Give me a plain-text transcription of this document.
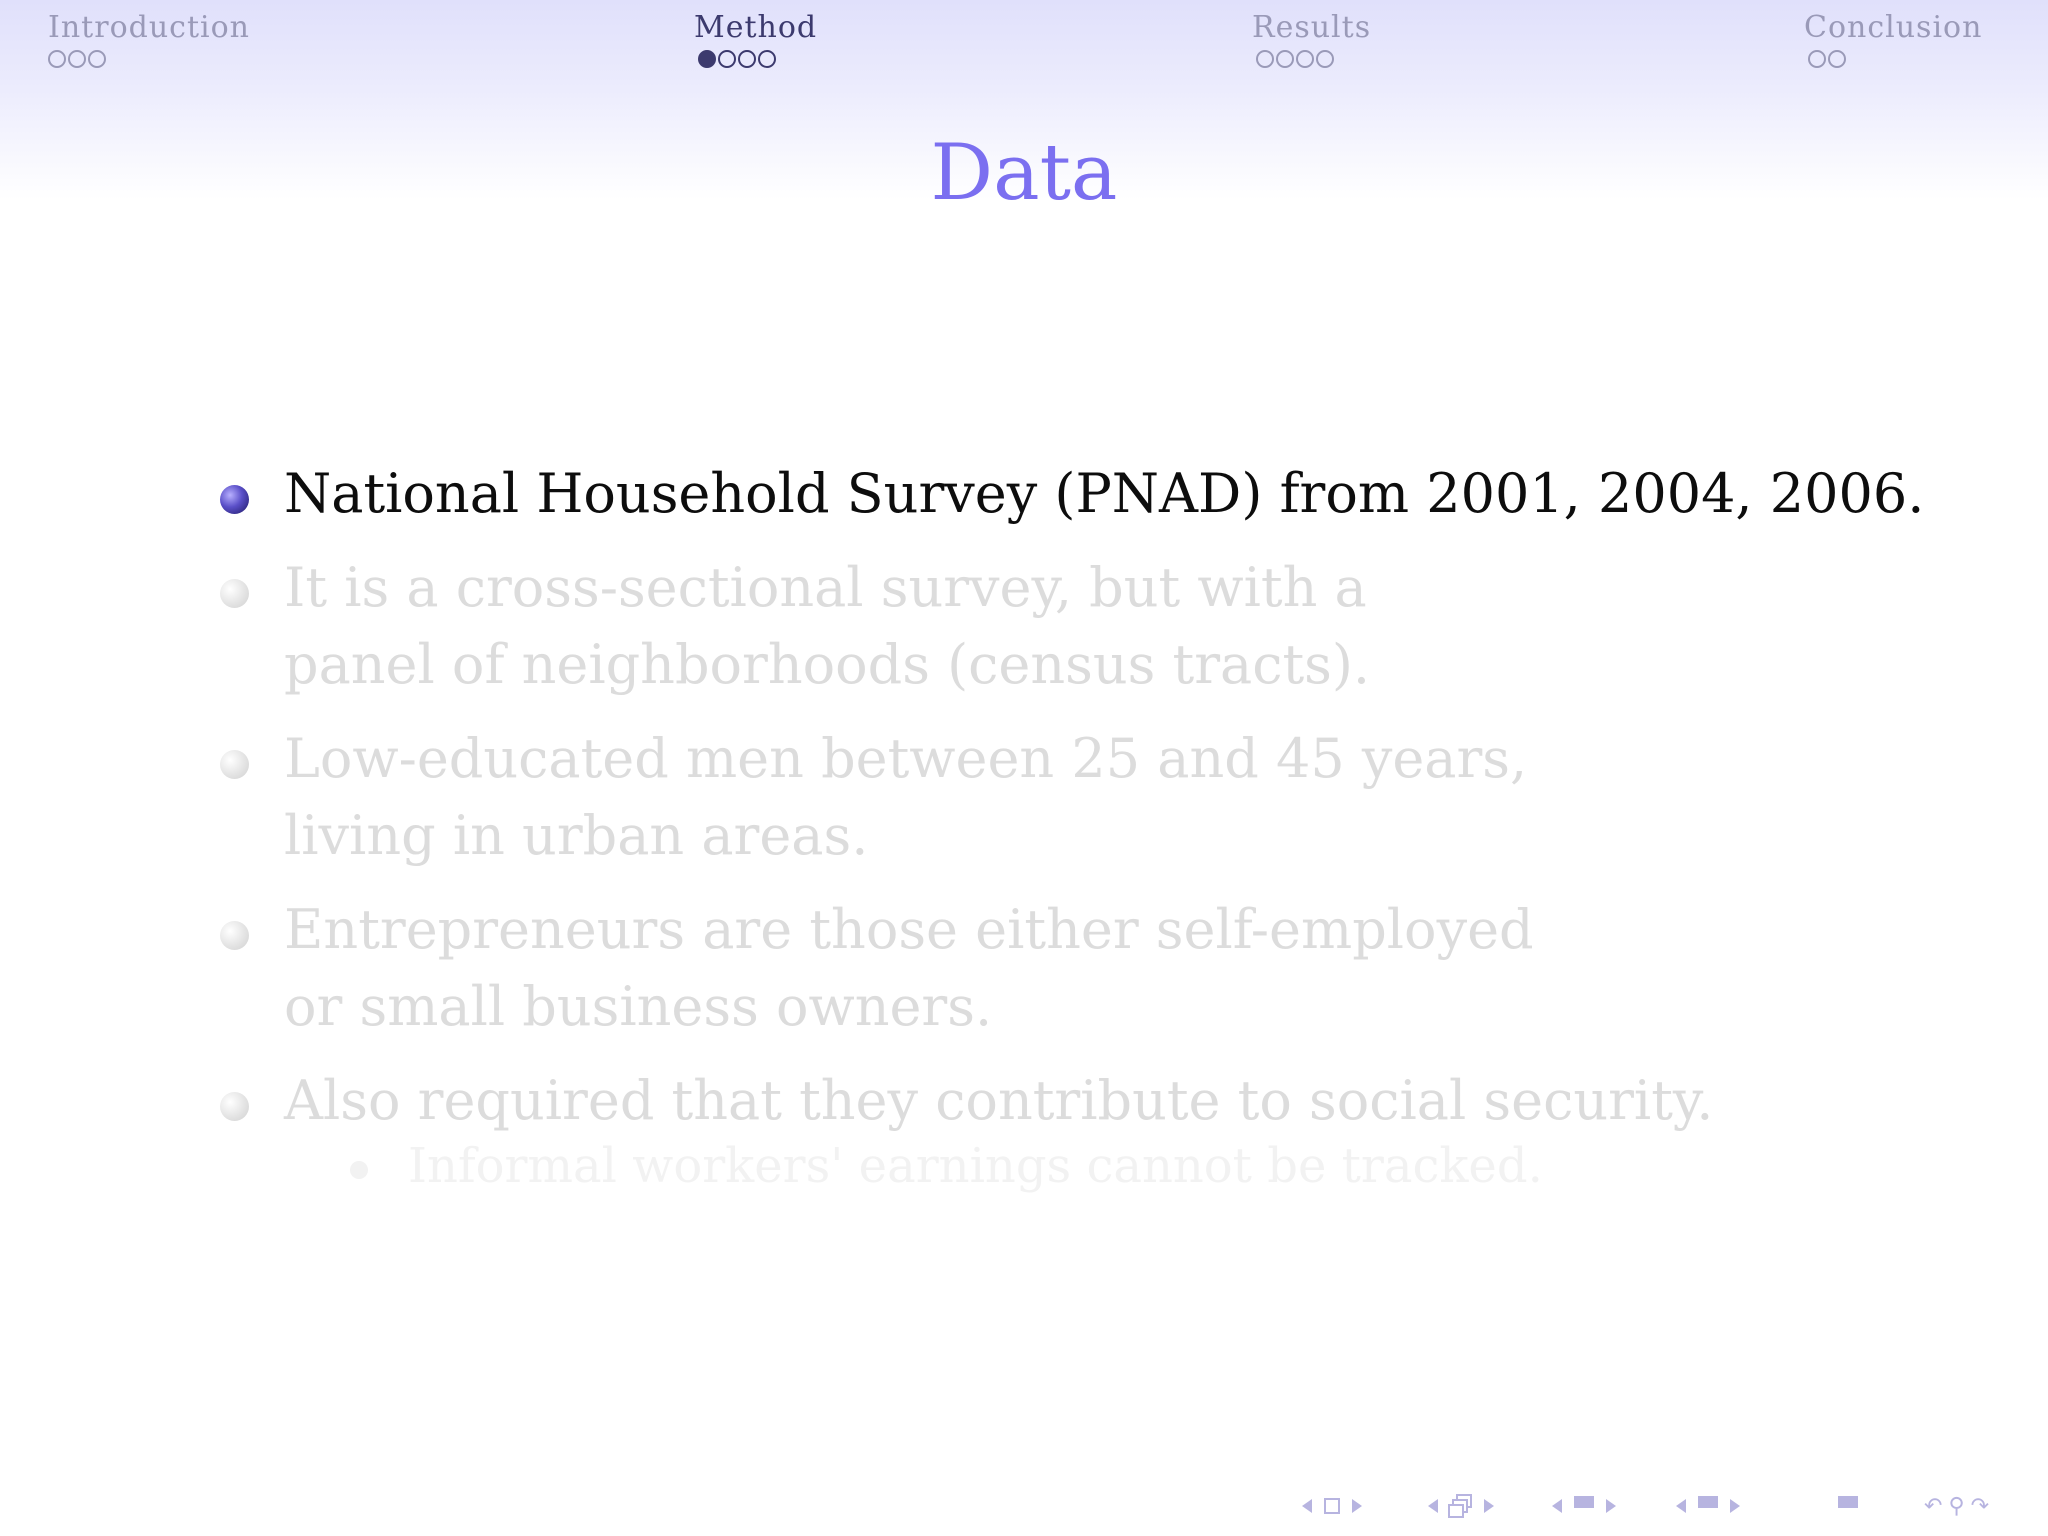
Introduction	Method	Results	Conclusion
Data
National Household Survey (PNAD) from 2001, 2004, 2006.
It is a cross-sectional survey, but with a
panel of neighborhoods (census tracts).
Low-educated men between 25 and 45 years,
living in urban areas.
Entrepreneurs are those either self-employed
or small business owners.
Also required that they contribute to social security.
Informal workers' earnings cannot be tracked.
↶ ⚲ ↷
